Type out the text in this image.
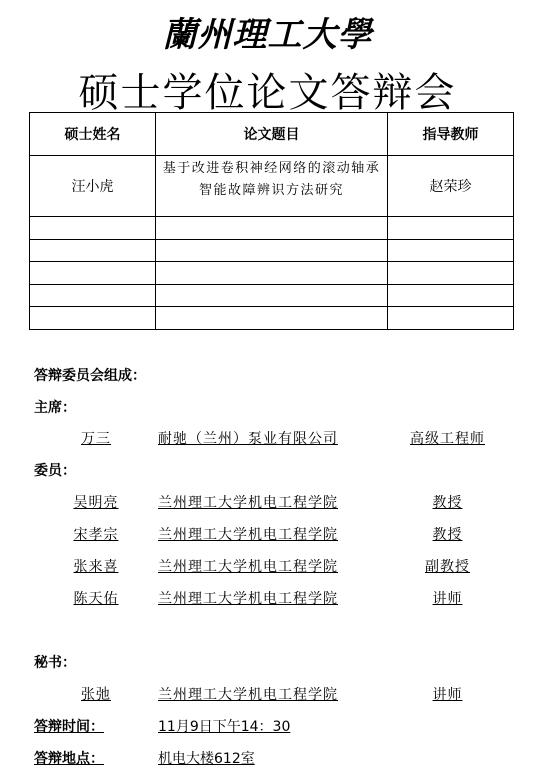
蘭州理工大學
硕士学位论文答辩会
硕士姓名	论文题目	指导教师
汪小虎	基于改进卷积神经网络的滚动轴承智能故障辨识方法研究	赵荣珍

答辩委员会组成：
主席：
万三	耐驰（兰州）泵业有限公司	高级工程师
委员：
吴明亮	兰州理工大学机电工程学院	教授
宋孝宗	兰州理工大学机电工程学院	教授
张来喜	兰州理工大学机电工程学院	副教授
陈天佑	兰州理工大学机电工程学院	讲师
秘书：
张弛	兰州理工大学机电工程学院	讲师
答辩时间：	11月9日下午14：30
答辩地点：	机电大楼612室
